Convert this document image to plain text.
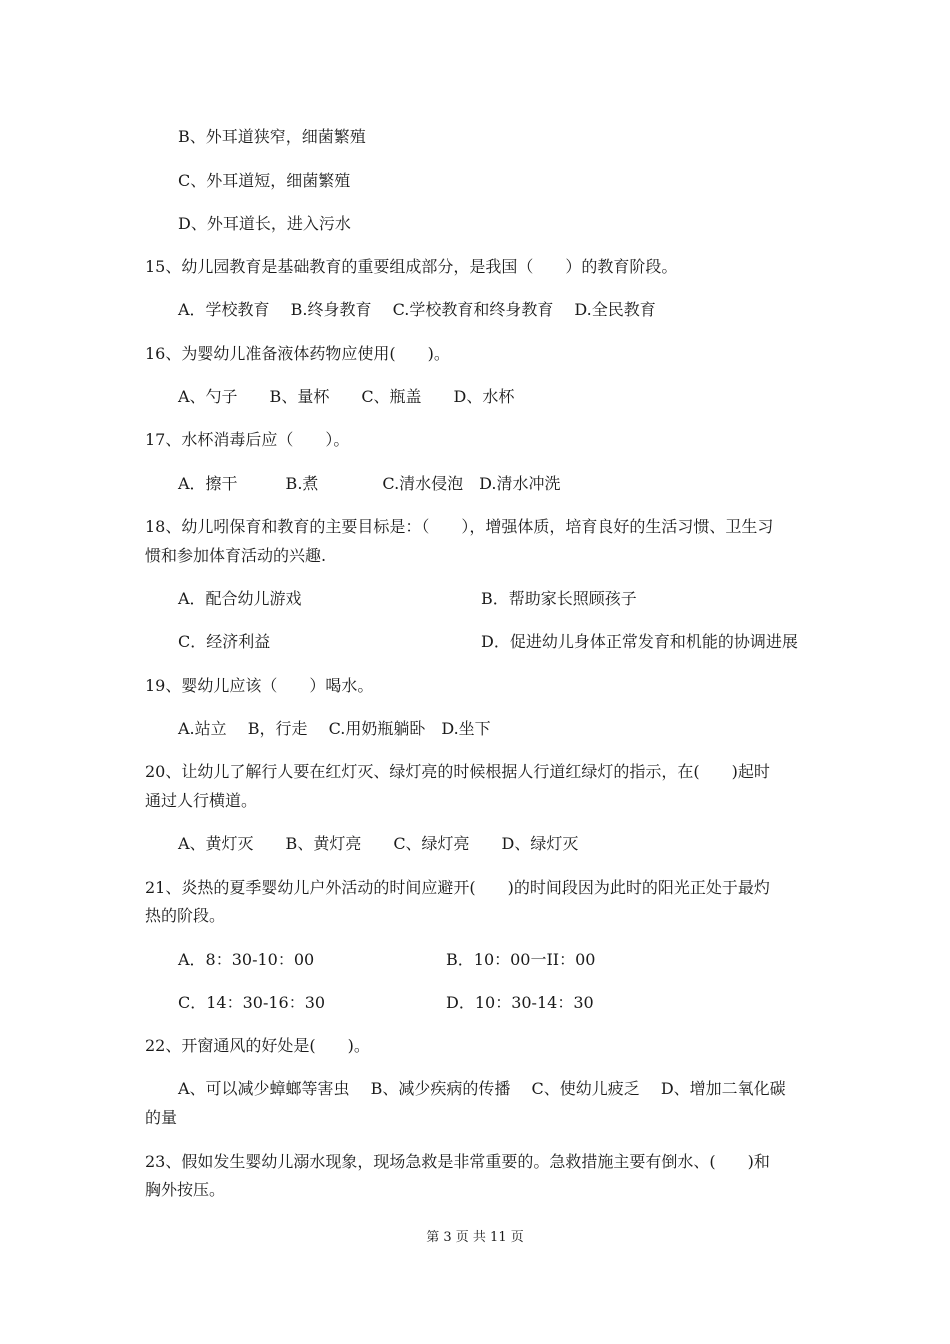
B、外耳道狭窄，细菌繁殖
C、外耳道短，细菌繁殖
D、外耳道长，进入污水
15、幼儿园教育是基础教育的重要组成部分，是我国（　　）的教育阶段。
A．学校教育　 B.终身教育　 C.学校教育和终身教育　 D.全民教育
16、为婴幼儿准备液体药物应使用(　　)。
A、勺子　　B、量杯　　C、瓶盖　　D、水杯
17、水杯消毒后应（　　）。
A．擦干　　　B.煮　　　　C.清水侵泡　D.清水冲洗
18、幼儿吲保育和教育的主要目标是：（　　），增强体质，培育良好的生活习惯、卫生习
惯和参加体育活动的兴趣.
A．配合幼儿游戏	B．帮助家长照顾孩子
C．经济利益	D．促进幼儿身体正常发育和机能的协调进展
19、婴幼儿应该（　　）喝水。
A.站立　 B，行走　 C.用奶瓶躺卧　D.坐下
20、让幼儿了解行人要在红灯灭、绿灯亮的时候根据人行道红绿灯的指示，在(　　)起时
通过人行横道。
A、黄灯灭　　B、黄灯亮　　C、绿灯亮　　D、绿灯灭
21、炎热的夏季婴幼儿户外活动的时间应避开(　　)的时间段因为此时的阳光正处于最灼
热的阶段。
A．8：30-10：00	B．10：00一II：00
C．14：30-16：30	D．10：30-14：30
22、开窗通风的好处是(　　)。
A、可以减少蟑螂等害虫　 B、减少疾病的传播　 C、使幼儿疲乏　 D、增加二氧化碳
的量
23、假如发生婴幼儿溺水现象，现场急救是非常重要的。急救措施主要有倒水、(　　)和
胸外按压。
第 3 页 共 11 页
